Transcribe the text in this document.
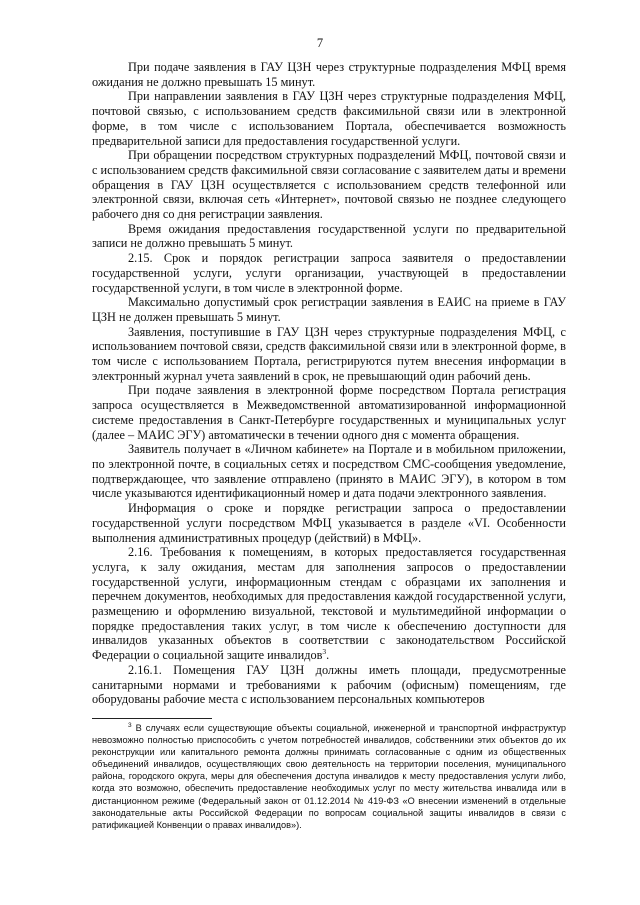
7

При подаче заявления в ГАУ ЦЗН через структурные подразделения МФЦ время ожидания не должно превышать 15 минут.

При направлении заявления в ГАУ ЦЗН через структурные подразделения МФЦ, почтовой связью, с использованием средств факсимильной связи или в электронной форме, в том числе с использованием Портала, обеспечивается возможность предварительной записи для предоставления государственной услуги.

При обращении посредством структурных подразделений МФЦ, почтовой связи и с использованием средств факсимильной связи согласование с заявителем даты и времени обращения в ГАУ ЦЗН осуществляется с использованием средств телефонной или электронной связи, включая сеть «Интернет», почтовой связью не позднее следующего рабочего дня со дня регистрации заявления.

Время ожидания предоставления государственной услуги по предварительной записи не должно превышать 5 минут.

2.15. Срок и порядок регистрации запроса заявителя о предоставлении государственной услуги, услуги организации, участвующей в предоставлении государственной услуги, в том числе в электронной форме.

Максимально допустимый срок регистрации заявления в ЕАИС на приеме в ГАУ ЦЗН не должен превышать 5 минут.

Заявления, поступившие в ГАУ ЦЗН через структурные подразделения МФЦ, с использованием почтовой связи, средств факсимильной связи или в электронной форме, в том числе с использованием Портала, регистрируются путем внесения информации в электронный журнал учета заявлений в срок, не превышающий один рабочий день.

При подаче заявления в электронной форме посредством Портала регистрация запроса осуществляется в Межведомственной автоматизированной информационной системе предоставления в Санкт-Петербурге государственных и муниципальных услуг (далее – МАИС ЭГУ) автоматически в течении одного дня с момента обращения.

Заявитель получает в «Личном кабинете» на Портале и в мобильном приложении, по электронной почте, в социальных сетях и посредством СМС-сообщения уведомление, подтверждающее, что заявление отправлено (принято в МАИС ЭГУ), в котором в том числе указываются идентификационный номер и дата подачи электронного заявления.

Информация о сроке и порядке регистрации запроса о предоставлении государственной услуги посредством МФЦ указывается в разделе «VI. Особенности выполнения административных процедур (действий) в МФЦ».

2.16. Требования к помещениям, в которых предоставляется государственная услуга, к залу ожидания, местам для заполнения запросов о предоставлении государственной услуги, информационным стендам с образцами их заполнения и перечнем документов, необходимых для предоставления каждой государственной услуги, размещению и оформлению визуальной, текстовой и мультимедийной информации о порядке предоставления таких услуг, в том числе к обеспечению доступности для инвалидов указанных объектов в соответствии с законодательством Российской Федерации о социальной защите инвалидов$^3$.

2.16.1. Помещения ГАУ ЦЗН должны иметь площади, предусмотренные санитарными нормами и требованиями к рабочим (офисным) помещениям, где оборудованы рабочие места с использованием персональных компьютеров

$^3$ В случаях если существующие объекты социальной, инженерной и транспортной инфраструктур невозможно полностью приспособить с учетом потребностей инвалидов, собственники этих объектов до их реконструкции или капитального ремонта должны принимать согласованные с одним из общественных объединений инвалидов, осуществляющих свою деятельность на территории поселения, муниципального района, городского округа, меры для обеспечения доступа инвалидов к месту предоставления услуги либо, когда это возможно, обеспечить предоставление необходимых услуг по месту жительства инвалида или в дистанционном режиме (Федеральный закон от 01.12.2014 № 419-ФЗ «О внесении изменений в отдельные законодательные акты Российской Федерации по вопросам социальной защиты инвалидов в связи с ратификацией Конвенции о правах инвалидов»).
